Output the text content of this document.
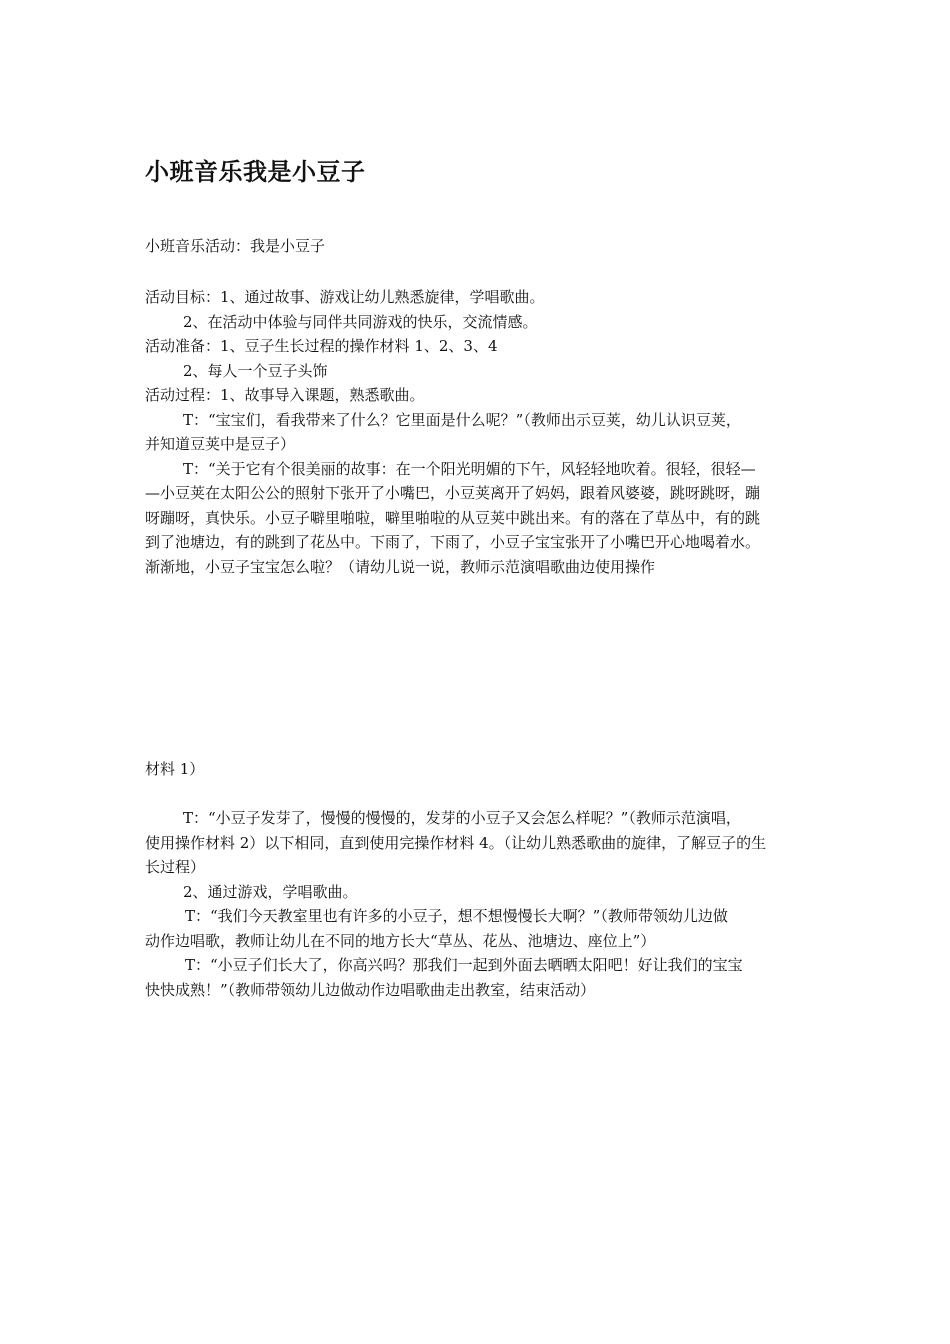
小班音乐我是小豆子
小班音乐活动：我是小豆子
活动目标：1、通过故事、游戏让幼儿熟悉旋律，学唱歌曲。
2、在活动中体验与同伴共同游戏的快乐，交流情感。
活动准备：1、豆子生长过程的操作材料 1、2、3、4
2、每人一个豆子头饰
活动过程：1、故事导入课题，熟悉歌曲。
T：“宝宝们，看我带来了什么？它里面是什么呢？”（教师出示豆荚，幼儿认识豆荚，
并知道豆荚中是豆子）
T：“关于它有个很美丽的故事：在一个阳光明媚的下午，风轻轻地吹着。很轻，很轻—
—小豆荚在太阳公公的照射下张开了小嘴巴，小豆荚离开了妈妈，跟着风婆婆，跳呀跳呀，蹦
呀蹦呀，真快乐。小豆子噼里啪啦，噼里啪啦的从豆荚中跳出来。有的落在了草丛中，有的跳
到了池塘边，有的跳到了花丛中。下雨了，下雨了，小豆子宝宝张开了小嘴巴开心地喝着水。
渐渐地，小豆子宝宝怎么啦？（请幼儿说一说，教师示范演唱歌曲边使用操作
材料 1）
T：“小豆子发芽了，慢慢的慢慢的，发芽的小豆子又会怎么样呢？”（教师示范演唱，
使用操作材料 2）以下相同，直到使用完操作材料 4。（让幼儿熟悉歌曲的旋律，了解豆子的生
长过程）
2、通过游戏，学唱歌曲。
T：“我们今天教室里也有许多的小豆子，想不想慢慢长大啊？”（教师带领幼儿边做
动作边唱歌，教师让幼儿在不同的地方长大“草丛、花丛、池塘边、座位上”）
T：“小豆子们长大了，你高兴吗？那我们一起到外面去晒晒太阳吧！好让我们的宝宝
快快成熟！”（教师带领幼儿边做动作边唱歌曲走出教室，结束活动）
